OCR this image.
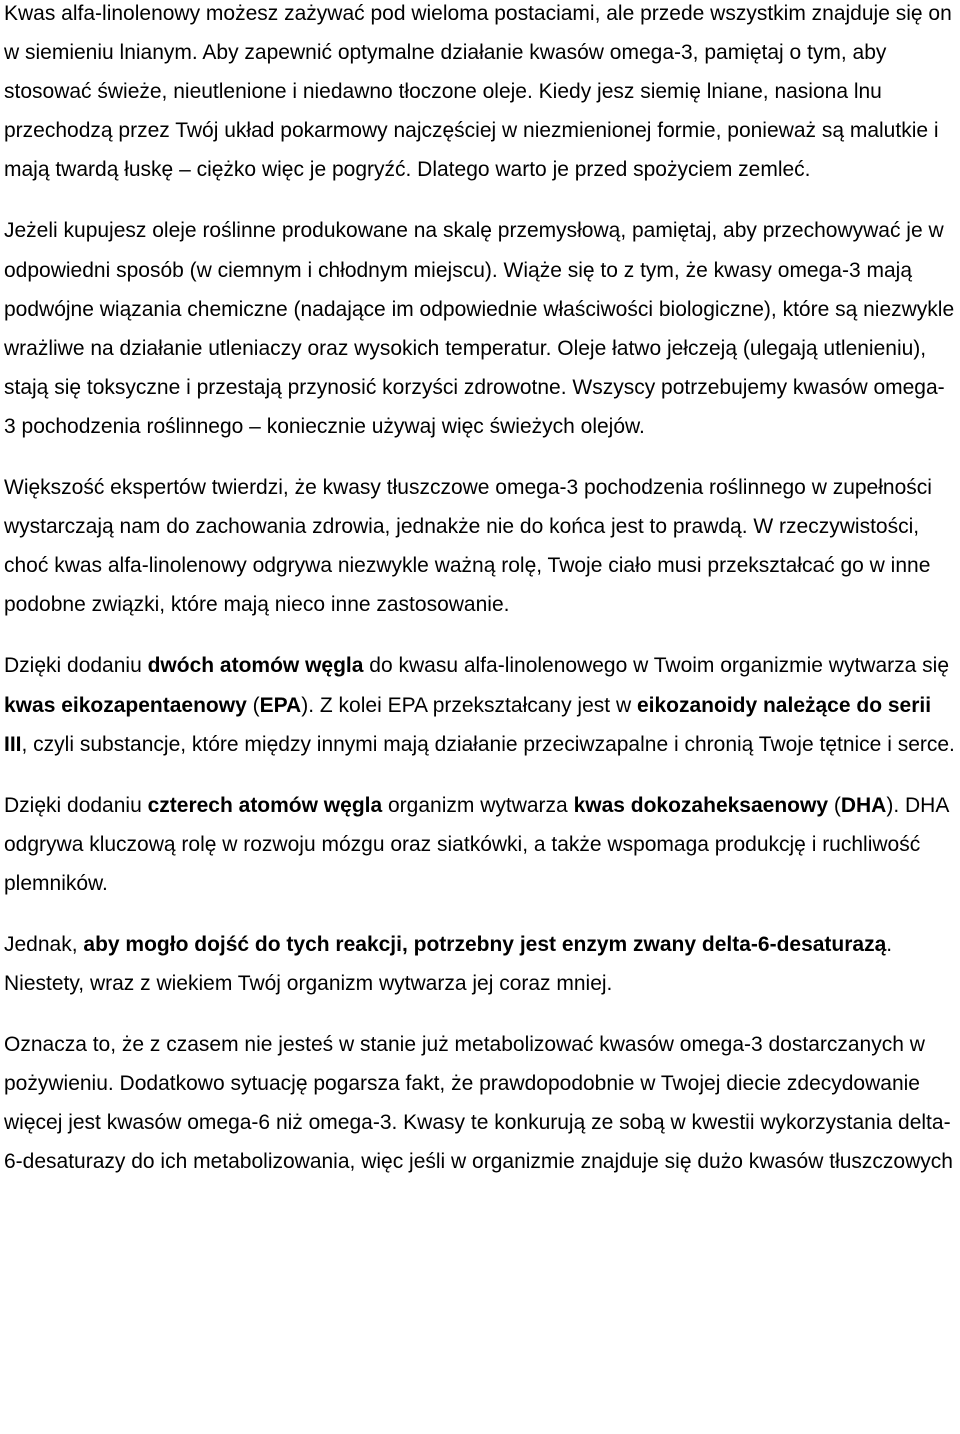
Kwas alfa-linolenowy możesz zażywać pod wieloma postaciami, ale przede wszystkim znajduje się on w siemieniu lnianym. Aby zapewnić optymalne działanie kwasów omega-3, pamiętaj o tym, aby stosować świeże, nieutlenione i niedawno tłoczone oleje. Kiedy jesz siemię lniane, nasiona lnu przechodzą przez Twój układ pokarmowy najczęściej w niezmienionej formie, ponieważ są malutkie i mają twardą łuskę – ciężko więc je pogryźć. Dlatego warto je przed spożyciem zemleć.

Jeżeli kupujesz oleje roślinne produkowane na skalę przemysłową, pamiętaj, aby przechowywać je w odpowiedni sposób (w ciemnym i chłodnym miejscu). Wiąże się to z tym, że kwasy omega-3 mają podwójne wiązania chemiczne (nadające im odpowiednie właściwości biologiczne), które są niezwykle wrażliwe na działanie utleniaczy oraz wysokich temperatur. Oleje łatwo jełczeją (ulegają utlenieniu), stają się toksyczne i przestają przynosić korzyści zdrowotne. Wszyscy potrzebujemy kwasów omega-3 pochodzenia roślinnego – koniecznie używaj więc świeżych olejów.

Większość ekspertów twierdzi, że kwasy tłuszczowe omega-3 pochodzenia roślinnego w zupełności wystarczają nam do zachowania zdrowia, jednakże nie do końca jest to prawdą. W rzeczywistości, choć kwas alfa-linolenowy odgrywa niezwykle ważną rolę, Twoje ciało musi przekształcać go w inne podobne związki, które mają nieco inne zastosowanie.

Dzięki dodaniu dwóch atomów węgla do kwasu alfa-linolenowego w Twoim organizmie wytwarza się kwas eikozapentaenowy (EPA). Z kolei EPA przekształcany jest w eikozanoidy należące do serii III, czyli substancje, które między innymi mają działanie przeciwzapalne i chronią Twoje tętnice i serce.

Dzięki dodaniu czterech atomów węgla organizm wytwarza kwas dokozaheksaenowy (DHA). DHA odgrywa kluczową rolę w rozwoju mózgu oraz siatkówki, a także wspomaga produkcję i ruchliwość plemników.

Jednak, aby mogło dojść do tych reakcji, potrzebny jest enzym zwany delta-6-desaturazą. Niestety, wraz z wiekiem Twój organizm wytwarza jej coraz mniej.

Oznacza to, że z czasem nie jesteś w stanie już metabolizować kwasów omega-3 dostarczanych w pożywieniu. Dodatkowo sytuację pogarsza fakt, że prawdopodobnie w Twojej diecie zdecydowanie więcej jest kwasów omega-6 niż omega-3. Kwasy te konkurują ze sobą w kwestii wykorzystania delta-6-desaturazy do ich metabolizowania, więc jeśli w organizmie znajduje się dużo kwasów tłuszczowych
